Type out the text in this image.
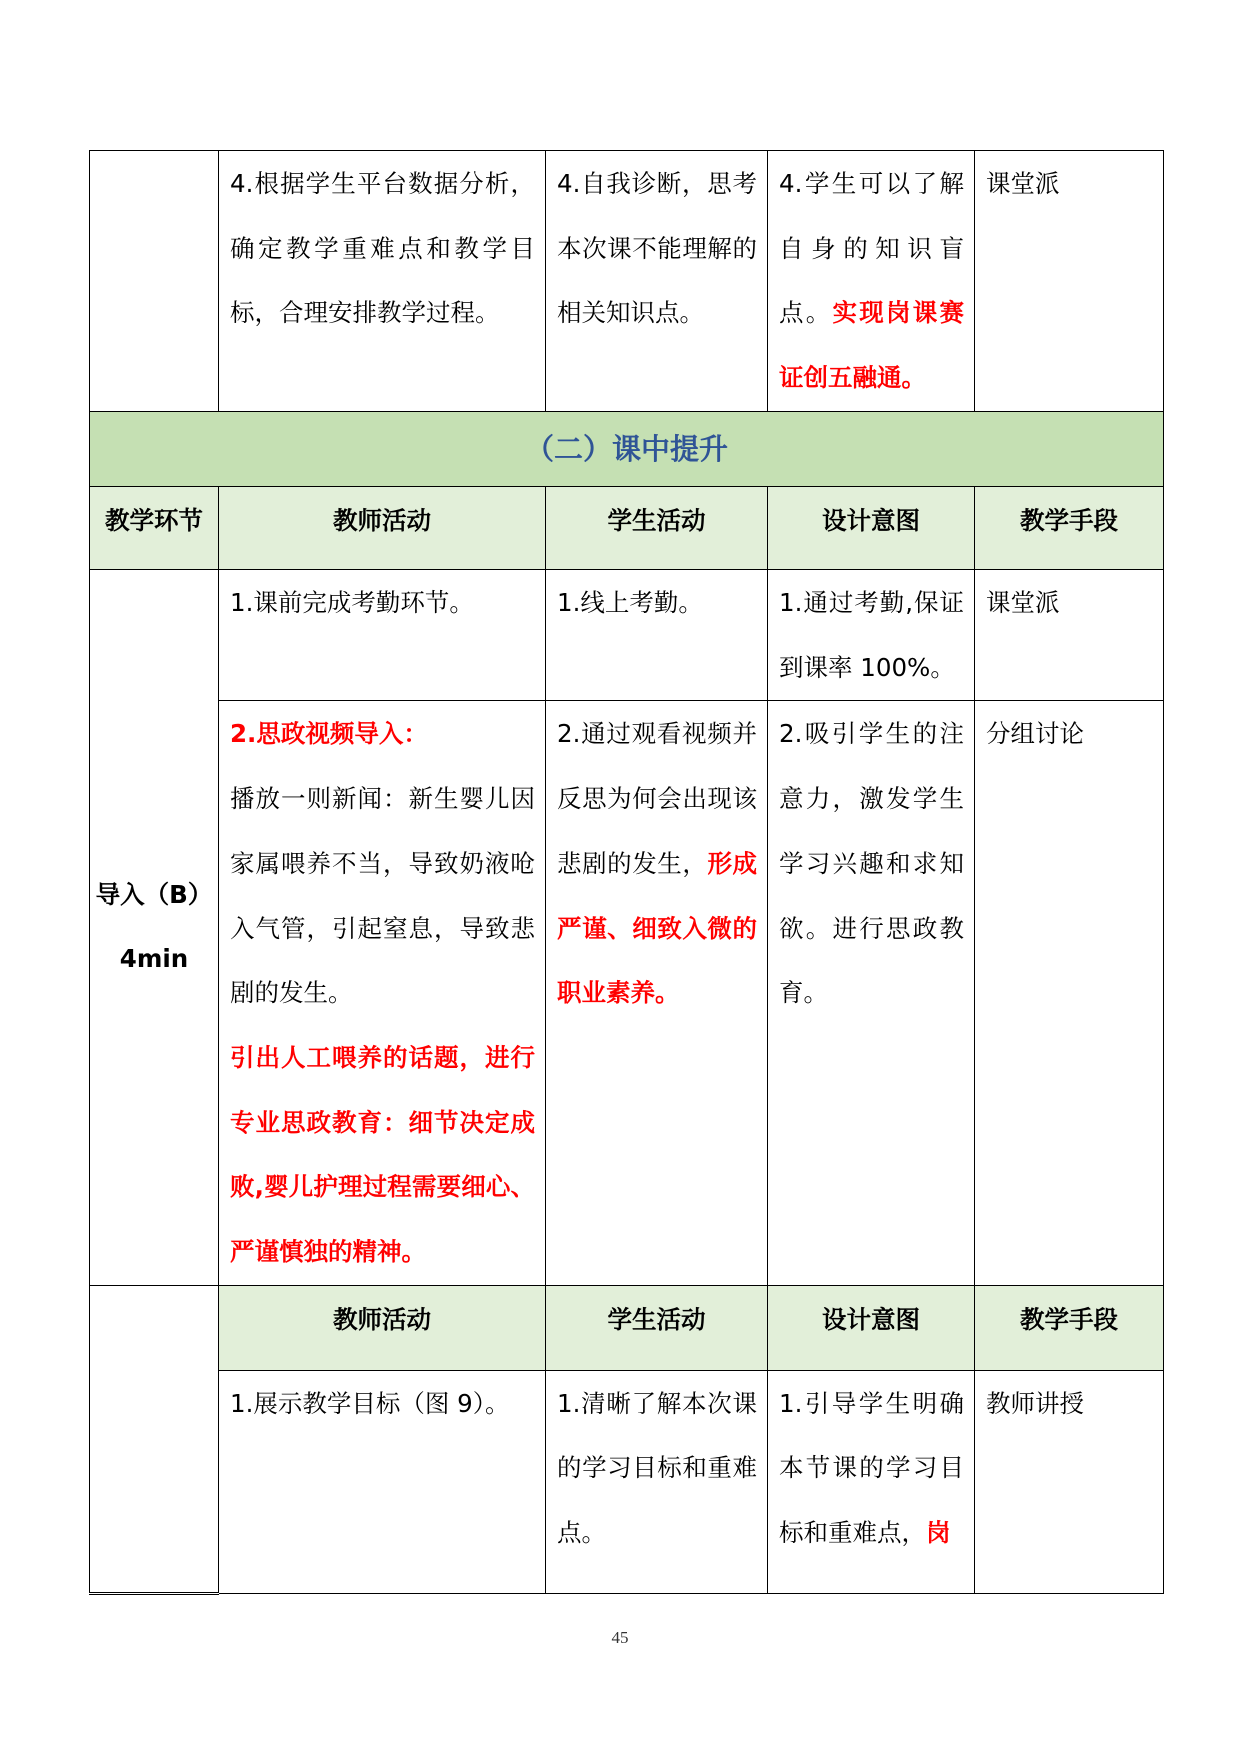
	4.根据学生平台数据分析，确定教学重难点和教学目标，合理安排教学过程。	4.自我诊断，思考本次课不能理解的相关知识点。	4.学生可以了解自身的知识盲点。实现岗课赛证创五融通。	课堂派

（二）课中提升				
教学环节	教师活动	学生活动	设计意图	教学手段

导入（B）
4min	1.课前完成考勤环节。	1.线上考勤。	1.通过考勤,保证到课率 100%。	课堂派

	2.思政视频导入：

播放一则新闻：新生婴儿因家属喂养不当，导致奶液呛入气管，引起窒息，导致悲剧的发生。

引出人工喂养的话题，进行专业思政教育：细节决定成败,婴儿护理过程需要细心、严谨慎独的精神。	2.通过观看视频并反思为何会出现该悲剧的发生，形成严谨、细致入微的职业素养。	2.吸引学生的注意力，激发学生学习兴趣和求知欲。进行思政教育。	分组讨论

	教师活动	学生活动	设计意图	教学手段

	1.展示教学目标（图 9）。	1.清晰了解本次课的学习目标和重难点。	1.引导学生明确本节课的学习目标和重难点，岗	教师讲授

45
